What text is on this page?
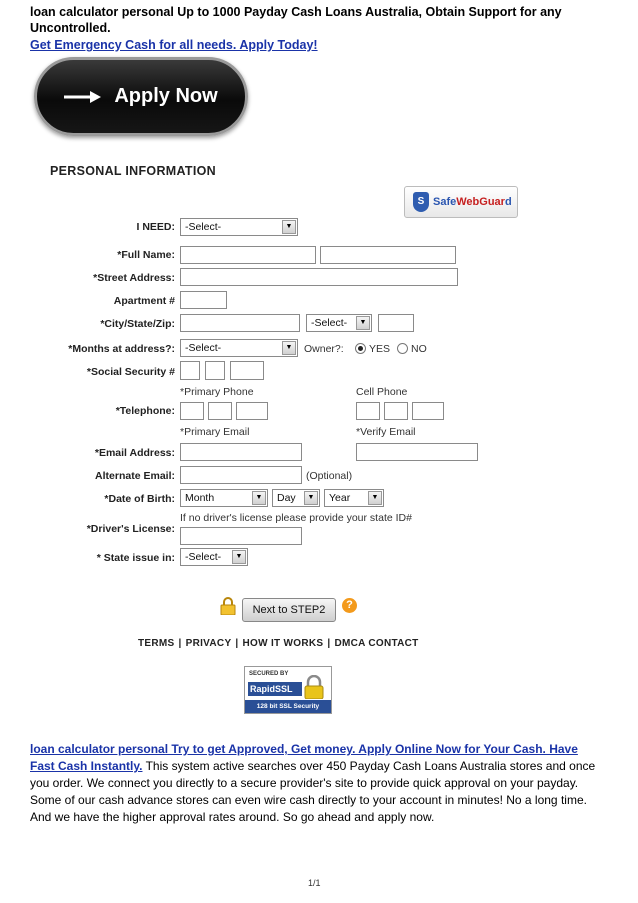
loan calculator personal Up to 1000 Payday Cash Loans Australia, Obtain Support for any Uncontrolled.
Get Emergency Cash for all needs. Apply Today!
Apply Now
PERSONAL INFORMATION
S SafeWebGuard
I NEED: -Select-	▼
*Full Name:
*Street Address:
Apartment #
*City/State/Zip:	-Select-	▼
*Months at address?: -Select-	▼	Owner?: YES NO
*Social Security #
*Primary Phone	Cell Phone
*Telephone:
*Primary Email	*Verify Email
*Email Address:
Alternate Email:	(Optional)
*Date of Birth: Month	▼	Day	▼	Year	▼
If no driver's license please provide your state ID#
*Driver's License:
* State issue in: -Select-	▼
Next to STEP2	?
TERMS | PRIVACY | HOW IT WORKS | DMCA CONTACT
SECURED BY
RapidSSL
128 bit SSL Security
loan calculator personal Try to get Approved, Get money. Apply Online Now for Your Cash. Have Fast Cash Instantly. This system active searches over 450 Payday Cash Loans Australia stores and once you order. We connect you directly to a secure provider's site to provide quick approval on your payday. Some of our cash advance stores can even wire cash directly to your account in minutes! No a long time. And we have the higher approval rates around. So go ahead and apply now.
1/1
